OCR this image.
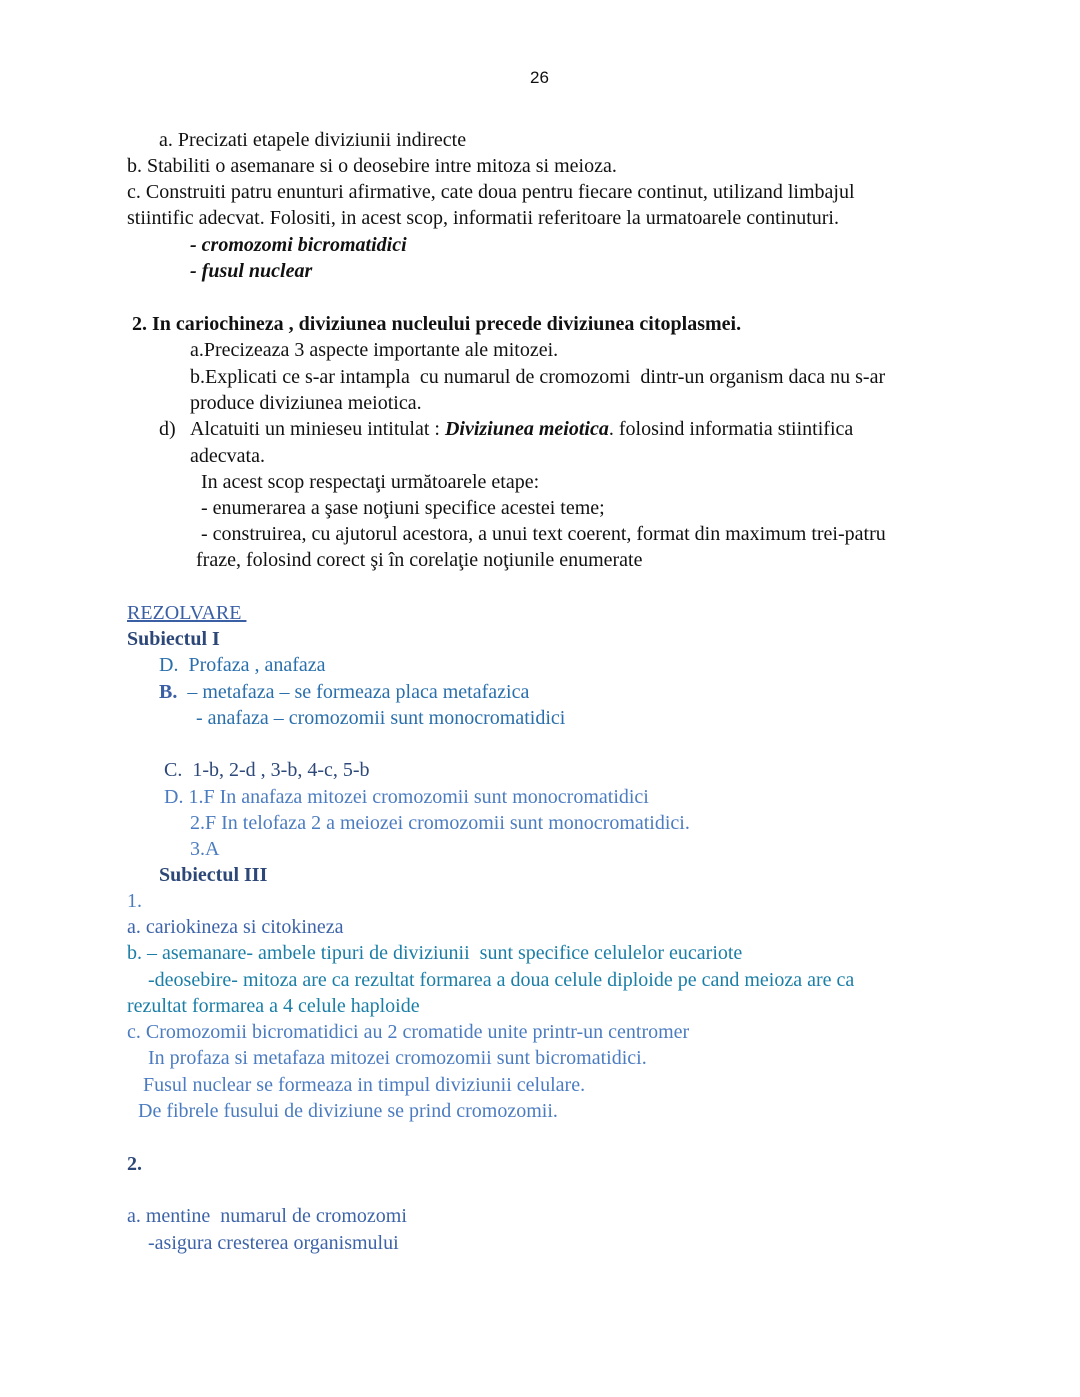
26
a. Precizati etapele diviziunii indirecte
b. Stabiliti o asemanare si o deosebire intre mitoza si meioza.
c. Construiti patru enunturi afirmative, cate doua pentru fiecare continut, utilizand limbajul
stiintific adecvat. Folositi, in acest scop, informatii referitoare la urmatoarele continuturi.
- cromozomi bicromatidici
- fusul nuclear
2. In cariochineza , diviziunea nucleului precede diviziunea citoplasmei.
a.Precizeaza 3 aspecte importante ale mitozei.
b.Explicati ce s-ar intampla  cu numarul de cromozomi  dintr-un organism daca nu s-ar
produce diviziunea meiotica.
d) Alcatuiti un minieseu intitulat : Diviziunea meiotica. folosind informatia stiintifica
adecvata.
In acest scop respectaţi următoarele etape:
- enumerarea a şase noţiuni specifice acestei teme;
- construirea, cu ajutorul acestora, a unui text coerent, format din maximum trei-patru
fraze, folosind corect şi în corelaţie noţiunile enumerate
REZOLVARE
Subiectul I
D.  Profaza , anafaza
B.  – metafaza – se formeaza placa metafazica
- anafaza – cromozomii sunt monocromatidici
C.  1-b, 2-d , 3-b, 4-c, 5-b
D. 1.F In anafaza mitozei cromozomii sunt monocromatidici
2.F In telofaza 2 a meiozei cromozomii sunt monocromatidici.
3.A
Subiectul III
1.
a. cariokineza si citokineza
b. – asemanare- ambele tipuri de diviziunii  sunt specifice celulelor eucariote
-deosebire- mitoza are ca rezultat formarea a doua celule diploide pe cand meioza are ca
rezultat formarea a 4 celule haploide
c. Cromozomii bicromatidici au 2 cromatide unite printr-un centromer
In profaza si metafaza mitozei cromozomii sunt bicromatidici.
Fusul nuclear se formeaza in timpul diviziunii celulare.
De fibrele fusului de diviziune se prind cromozomii.
2.
a. mentine  numarul de cromozomi
-asigura cresterea organismului
